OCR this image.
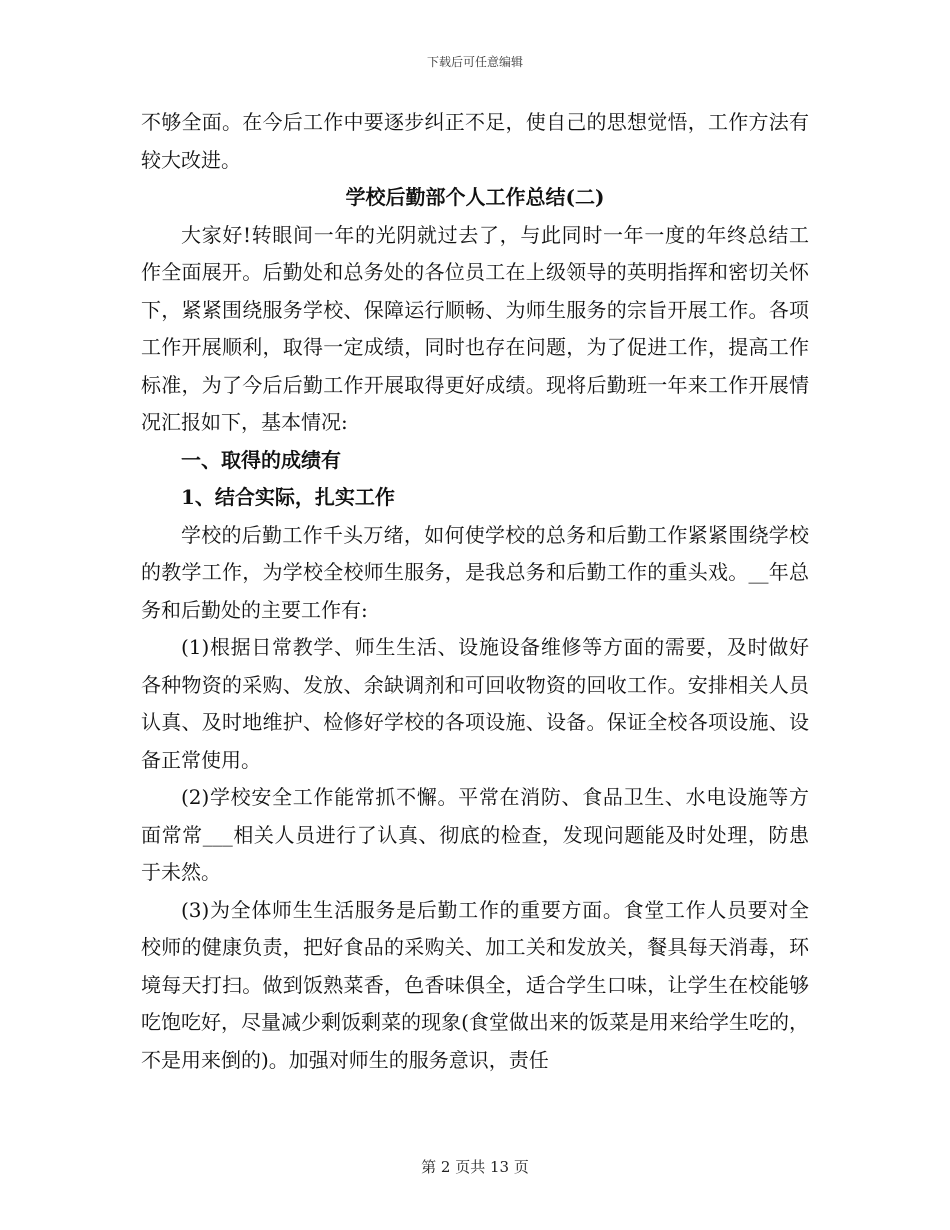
下载后可任意编辑

不够全面。在今后工作中要逐步纠正不足，使自己的思想觉悟，工作方法有较大改进。

学校后勤部个人工作总结(二)

大家好!转眼间一年的光阴就过去了，与此同时一年一度的年终总结工作全面展开。后勤处和总务处的各位员工在上级领导的英明指挥和密切关怀下，紧紧围绕服务学校、保障运行顺畅、为师生服务的宗旨开展工作。各项工作开展顺利，取得一定成绩，同时也存在问题，为了促进工作，提高工作标准，为了今后后勤工作开展取得更好成绩。现将后勤班一年来工作开展情况汇报如下，基本情况:

一、取得的成绩有

1、结合实际，扎实工作

学校的后勤工作千头万绪，如何使学校的总务和后勤工作紧紧围绕学校的教学工作，为学校全校师生服务，是我总务和后勤工作的重头戏。__年总务和后勤处的主要工作有:

(1)根据日常教学、师生生活、设施设备维修等方面的需要，及时做好各种物资的采购、发放、余缺调剂和可回收物资的回收工作。安排相关人员认真、及时地维护、检修好学校的各项设施、设备。保证全校各项设施、设备正常使用。

(2)学校安全工作能常抓不懈。平常在消防、食品卫生、水电设施等方面常常___相关人员进行了认真、彻底的检查，发现问题能及时处理，防患于未然。

(3)为全体师生生活服务是后勤工作的重要方面。食堂工作人员要对全校师的健康负责，把好食品的采购关、加工关和发放关，餐具每天消毒，环境每天打扫。做到饭熟菜香，色香味俱全，适合学生口味，让学生在校能够吃饱吃好，尽量减少剩饭剩菜的现象(食堂做出来的饭菜是用来给学生吃的，不是用来倒的)。加强对师生的服务意识，责任

第 2 页共 13 页
